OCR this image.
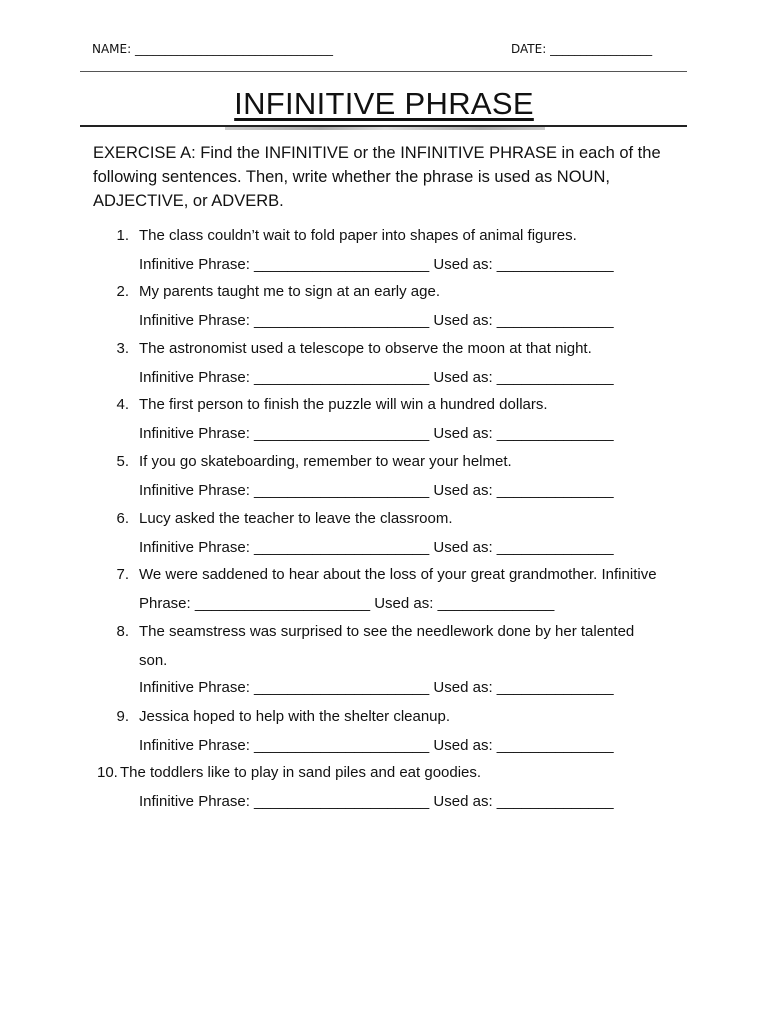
NAME: _________________________________	DATE: _________________
INFINITIVE PHRASE
EXERCISE A: Find the INFINITIVE or the INFINITIVE PHRASE in each of the following sentences. Then, write whether the phrase is used as NOUN, ADJECTIVE, or ADVERB.
1. The class couldn’t wait to fold paper into shapes of animal figures.
Infinitive Phrase: _____________________ Used as: ______________
2. My parents taught me to sign at an early age.
Infinitive Phrase: _____________________ Used as: ______________
3. The astronomist used a telescope to observe the moon at that night.
Infinitive Phrase: _____________________ Used as: ______________
4. The first person to finish the puzzle will win a hundred dollars.
Infinitive Phrase: _____________________ Used as: ______________
5. If you go skateboarding, remember to wear your helmet.
Infinitive Phrase: _____________________ Used as: ______________
6. Lucy asked the teacher to leave the classroom.
Infinitive Phrase: _____________________ Used as: ______________
7. We were saddened to hear about the loss of your great grandmother. Infinitive
Phrase: _____________________ Used as: ______________
8. The seamstress was surprised to see the needlework done by her talented
son.
Infinitive Phrase: _____________________ Used as: ______________
9. Jessica hoped to help with the shelter cleanup.
Infinitive Phrase: _____________________ Used as: ______________
10. The toddlers like to play in sand piles and eat goodies.
Infinitive Phrase: _____________________ Used as: ______________
